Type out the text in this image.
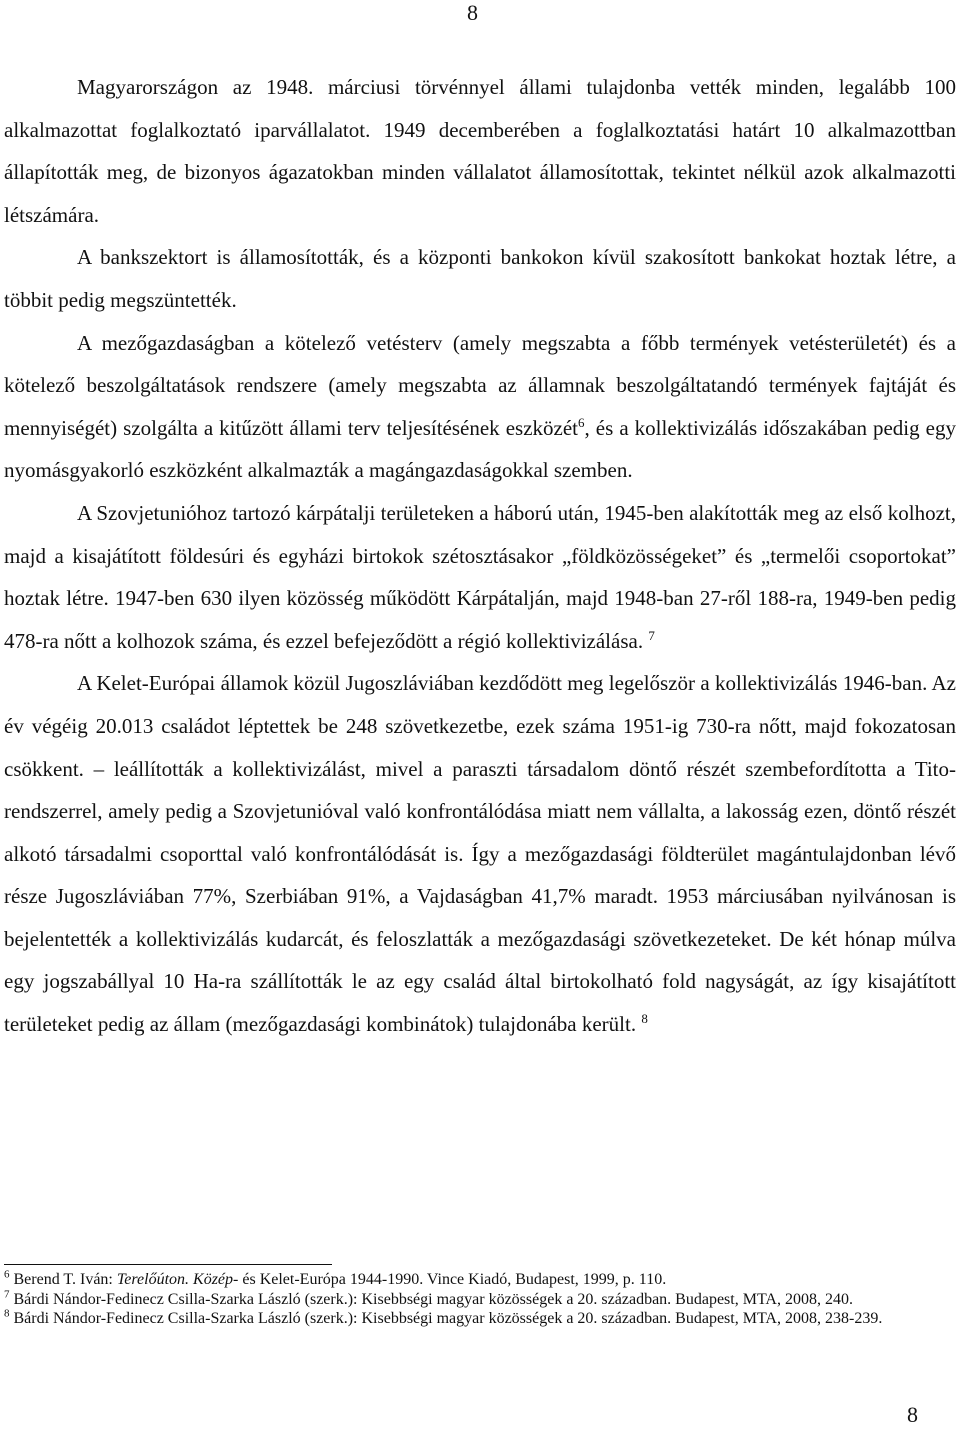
8

Magyarországon az 1948. márciusi törvénnyel állami tulajdonba vették minden, legalább 100 alkalmazottat foglalkoztató iparvállalatot. 1949 decemberében a foglalkoztatási határt 10 alkalmazottban állapították meg, de bizonyos ágazatokban minden vállalatot államosítottak, tekintet nélkül azok alkalmazotti létszámára.

A bankszektort is államosították, és a központi bankokon kívül szakosított bankokat hoztak létre, a többit pedig megszüntették.

A mezőgazdaságban a kötelező vetésterv (amely megszabta a főbb termények vetésterületét) és a kötelező beszolgáltatások rendszere (amely megszabta az államnak beszolgáltatandó termények fajtáját és mennyiségét) szolgálta a kitűzött állami terv teljesítésének eszközét$^6$, és a kollektivizálás időszakában pedig egy nyomásgyakorló eszközként alkalmazták a magángazdaságokkal szemben.

A Szovjetunióhoz tartozó kárpátalji területeken a háború után, 1945-ben alakították meg az első kolhozt, majd a kisajátított földesúri és egyházi birtokok szétosztásakor „földközösségeket” és „termelői csoportokat” hoztak létre. 1947-ben 630 ilyen közösség működött Kárpátalján, majd 1948-ban 27-ről 188-ra, 1949-ben pedig 478-ra nőtt a kolhozok száma, és ezzel befejeződött a régió kollektivizálása. $^7$

A Kelet-Európai államok közül Jugoszláviában kezdődött meg legelőször a kollektivizálás 1946-ban. Az év végéig 20.013 családot léptettek be 248 szövetkezetbe, ezek száma 1951-ig 730-ra nőtt, majd fokozatosan csökkent. – leállították a kollektivizálást, mivel a paraszti társadalom döntő részét szembefordította a Tito-rendszerrel, amely pedig a Szovjetunióval való konfrontálódása miatt nem vállalta, a lakosság ezen, döntő részét alkotó társadalmi csoporttal való konfrontálódását is. Így a mezőgazdasági földterület magántulajdonban lévő része Jugoszláviában 77%, Szerbiában 91%, a Vajdaságban 41,7% maradt. 1953 márciusában nyilvánosan is bejelentették a kollektivizálás kudarcát, és feloszlatták a mezőgazdasági szövetkezeteket. De két hónap múlva egy jogszabállyal 10 Ha-ra szállították le az egy család által birtokolható fold nagyságát, az így kisajátított területeket pedig az állam (mezőgazdasági kombinátok) tulajdonába került. $^8$

$^6$ Berend T. Iván: Terelőúton. Közép- és Kelet-Európa 1944-1990. Vince Kiadó, Budapest, 1999, p. 110.

$^7$ Bárdi Nándor-Fedinecz Csilla-Szarka László (szerk.): Kisebbségi magyar közösségek a 20. században. Budapest, MTA, 2008, 240.

$^8$ Bárdi Nándor-Fedinecz Csilla-Szarka László (szerk.): Kisebbségi magyar közösségek a 20. században. Budapest, MTA, 2008, 238-239.

8
